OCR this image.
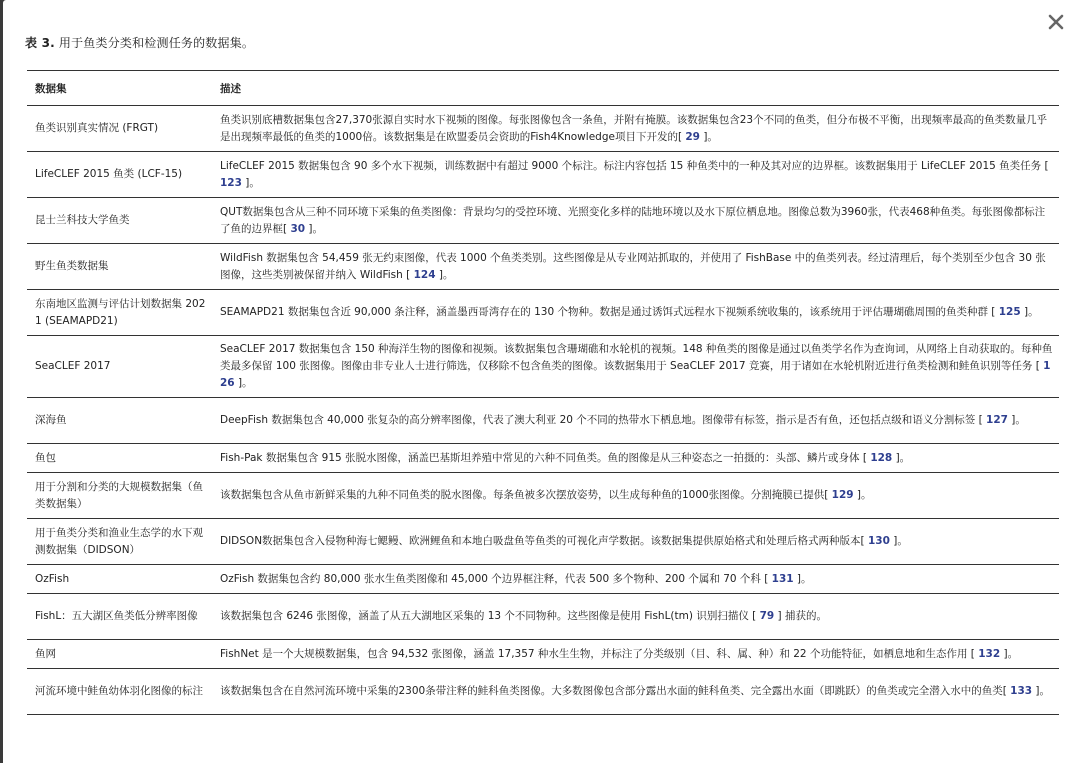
表 3. 用于鱼类分类和检测任务的数据集。
数据集	描述
鱼类识别真实情况 (FRGT)	鱼类识别底槽数据集包含27,370张源自实时水下视频的图像。每张图像包含一条鱼，并附有掩膜。该数据集包含23个不同的鱼类，但分布极不平衡，出现频率最高的鱼类数量几乎是出现频率最低的鱼类的1000倍。该数据集是在欧盟委员会资助的Fish4Knowledge项目下开发的[ 29 ]。
LifeCLEF 2015 鱼类 (LCF-15)	LifeCLEF 2015 数据集包含 90 多个水下视频，训练数据中有超过 9000 个标注。标注内容包括 15 种鱼类中的一种及其对应的边界框。该数据集用于 LifeCLEF 2015 鱼类任务 [ 123 ]。
昆士兰科技大学鱼类	QUT数据集包含从三种不同环境下采集的鱼类图像：背景均匀的受控环境、光照变化多样的陆地环境以及水下原位栖息地。图像总数为3960张，代表468种鱼类。每张图像都标注了鱼的边界框[ 30 ]。
野生鱼类数据集	WildFish 数据集包含 54,459 张无约束图像，代表 1000 个鱼类类别。这些图像是从专业网站抓取的，并使用了 FishBase 中的鱼类列表。经过清理后，每个类别至少包含 30 张图像，这些类别被保留并纳入 WildFish [ 124 ]。
东南地区监测与评估计划数据集 2021 (SEAMAPD21)	SEAMAPD21 数据集包含近 90,000 条注释，涵盖墨西哥湾存在的 130 个物种。数据是通过诱饵式远程水下视频系统收集的，该系统用于评估珊瑚礁周围的鱼类种群 [ 125 ]。
SeaCLEF 2017	SeaCLEF 2017 数据集包含 150 种海洋生物的图像和视频。该数据集包含珊瑚礁和水轮机的视频。148 种鱼类的图像是通过以鱼类学名作为查询词，从网络上自动获取的。每种鱼类最多保留 100 张图像。图像由非专业人士进行筛选，仅移除不包含鱼类的图像。该数据集用于 SeaCLEF 2017 竞赛，用于诸如在水轮机附近进行鱼类检测和鲑鱼识别等任务 [ 126 ]。
深海鱼	DeepFish 数据集包含 40,000 张复杂的高分辨率图像，代表了澳大利亚 20 个不同的热带水下栖息地。图像带有标签，指示是否有鱼，还包括点级和语义分割标签 [ 127 ]。
鱼包	Fish-Pak 数据集包含 915 张脱水图像，涵盖巴基斯坦养殖中常见的六种不同鱼类。鱼的图像是从三种姿态之一拍摄的：头部、鳞片或身体 [ 128 ]。
用于分割和分类的大规模数据集（鱼类数据集）	该数据集包含从鱼市新鲜采集的九种不同鱼类的脱水图像。每条鱼被多次摆放姿势，以生成每种鱼的1000张图像。分割掩膜已提供[ 129 ]。
用于鱼类分类和渔业生态学的水下观测数据集（DIDSON）	DIDSON数据集包含入侵物种海七鳃鳗、欧洲鲤鱼和本地白吸盘鱼等鱼类的可视化声学数据。该数据集提供原始格式和处理后格式两种版本[ 130 ]。
OzFish	OzFish 数据集包含约 80,000 张水生鱼类图像和 45,000 个边界框注释，代表 500 多个物种、200 个属和 70 个科 [ 131 ]。
FishL：五大湖区鱼类低分辨率图像	该数据集包含 6246 张图像，涵盖了从五大湖地区采集的 13 个不同物种。这些图像是使用 FishL(tm) 识别扫描仪 [ 79 ] 捕获的。
鱼网	FishNet 是一个大规模数据集，包含 94,532 张图像，涵盖 17,357 种水生生物，并标注了分类级别（目、科、属、种）和 22 个功能特征，如栖息地和生态作用 [ 132 ]。
河流环境中鲑鱼幼体羽化图像的标注	该数据集包含在自然河流环境中采集的2300条带注释的鲑科鱼类图像。大多数图像包含部分露出水面的鲑科鱼类、完全露出水面（即跳跃）的鱼类或完全潜入水中的鱼类[ 133 ]。
